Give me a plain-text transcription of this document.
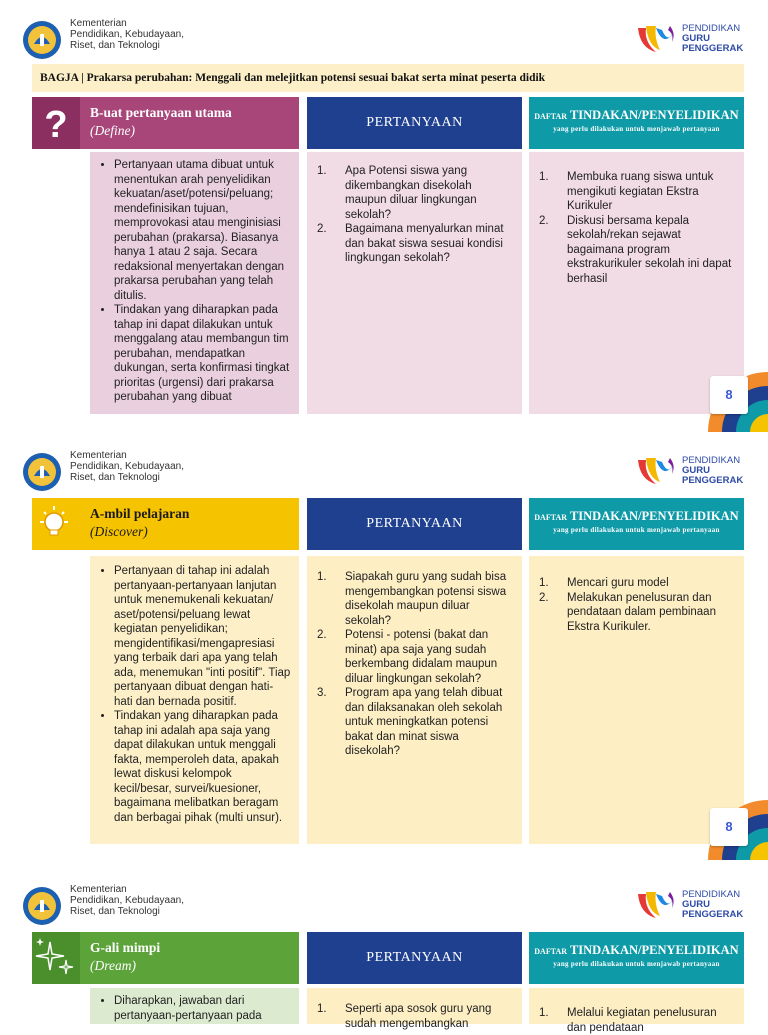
Kementerian
Pendidikan, Kebudayaan,
Riset, dan Teknologi
PENDIDIKAN
GURU
PENGGERAK
BAGJA | Prakarsa perubahan: Menggali dan melejitkan potensi sesuai bakat serta minat peserta didik
? B-uat pertanyaan utama
(Define)
PERTANYAAN	DAFTAR TINDAKAN/PENYELIDIKAN
yang perlu dilakukan untuk menjawab pertanyaan
• Pertanyaan utama dibuat untuk menentukan arah penyelidikan kekuatan/aset/potensi/peluang; mendefinisikan tujuan, memprovokasi atau menginisiasi perubahan (prakarsa). Biasanya hanya 1 atau 2 saja. Secara redaksional menyertakan dengan prakarsa perubahan yang telah ditulis.
• Tindakan yang diharapkan pada tahap ini dapat dilakukan untuk menggalang atau membangun tim perubahan, mendapatkan dukungan, serta konfirmasi tingkat prioritas (urgensi) dari prakarsa perubahan yang dibuat
1. Apa Potensi siswa yang dikembangkan disekolah maupun diluar lingkungan sekolah?
2. Bagaimana menyalurkan minat dan bakat siswa sesuai kondisi lingkungan sekolah?
1. Membuka ruang siswa untuk mengikuti kegiatan Ekstra Kurikuler
2. Diskusi bersama kepala sekolah/rekan sejawat bagaimana program ekstrakurikuler sekolah ini dapat berhasil
8
Kementerian
Pendidikan, Kebudayaan,
Riset, dan Teknologi
PENDIDIKAN
GURU
PENGGERAK
A-mbil pelajaran
(Discover)
PERTANYAAN	DAFTAR TINDAKAN/PENYELIDIKAN
yang perlu dilakukan untuk menjawab pertanyaan
• Pertanyaan di tahap ini adalah pertanyaan-pertanyaan lanjutan untuk menemukenali kekuatan/ aset/potensi/peluang lewat kegiatan penyelidikan; mengidentifikasi/mengapresiasi yang terbaik dari apa yang telah ada, menemukan "inti positif". Tiap pertanyaan dibuat dengan hati-hati dan bernada positif.
• Tindakan yang diharapkan pada tahap ini adalah apa saja yang dapat dilakukan untuk menggali fakta, memperoleh data, apakah lewat diskusi kelompok kecil/besar, survei/kuesioner, bagaimana melibatkan beragam dan berbagai pihak (multi unsur).
1. Siapakah guru yang sudah bisa mengembangkan potensi siswa disekolah maupun diluar sekolah?
2. Potensi - potensi (bakat dan minat) apa saja yang sudah berkembang didalam maupun diluar lingkungan sekolah?
3. Program apa yang telah dibuat dan dilaksanakan oleh sekolah untuk meningkatkan potensi bakat dan minat siswa disekolah?
1. Mencari guru model
2. Melakukan penelusuran dan pendataan dalam pembinaan Ekstra Kurikuler.
8
Kementerian
Pendidikan, Kebudayaan,
Riset, dan Teknologi
PENDIDIKAN
GURU
PENGGERAK
G-ali mimpi
(Dream)
PERTANYAAN	DAFTAR TINDAKAN/PENYELIDIKAN
yang perlu dilakukan untuk menjawab pertanyaan
• Diharapkan, jawaban dari pertanyaan-pertanyaan pada
1. Seperti apa sosok guru yang sudah mengembangkan
1. Melalui kegiatan penelusuran dan pendataan
